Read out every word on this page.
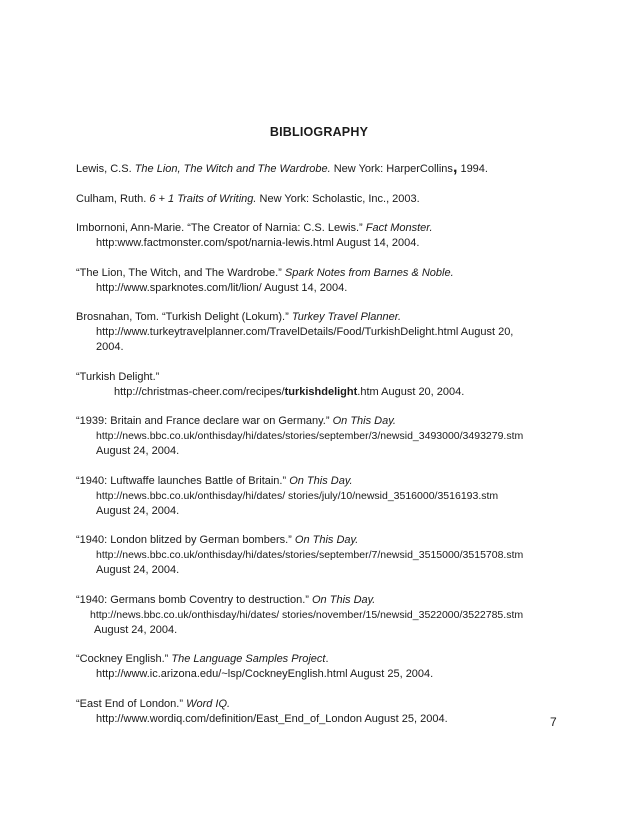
BIBLIOGRAPHY
Lewis, C.S. The Lion, The Witch and The Wardrobe. New York: HarperCollins, 1994.
Culham, Ruth. 6 + 1 Traits of Writing. New York: Scholastic, Inc., 2003.
Imbornoni, Ann-Marie. “The Creator of Narnia: C.S. Lewis.” Fact Monster.
http:www.factmonster.com/spot/narnia-lewis.html August 14, 2004.
“The Lion, The Witch, and The Wardrobe.” Spark Notes from Barnes & Noble.
http://www.sparknotes.com/lit/lion/ August 14, 2004.
Brosnahan, Tom. “Turkish Delight (Lokum).” Turkey Travel Planner.
http://www.turkeytravelplanner.com/TravelDetails/Food/TurkishDelight.html August 20,
2004.
“Turkish Delight.”
http://christmas-cheer.com/recipes/turkishdelight.htm August 20, 2004.
“1939: Britain and France declare war on Germany.” On This Day.
http://news.bbc.co.uk/onthisday/hi/dates/stories/september/3/newsid_3493000/3493279.stm
August 24, 2004.
“1940: Luftwaffe launches Battle of Britain.” On This Day.
http://news.bbc.co.uk/onthisday/hi/dates/ stories/july/10/newsid_3516000/3516193.stm
August 24, 2004.
“1940: London blitzed by German bombers.” On This Day.
http://news.bbc.co.uk/onthisday/hi/dates/stories/september/7/newsid_3515000/3515708.stm
August 24, 2004.
“1940: Germans bomb Coventry to destruction.” On This Day.
http://news.bbc.co.uk/onthisday/hi/dates/ stories/november/15/newsid_3522000/3522785.stm
August 24, 2004.
“Cockney English.” The Language Samples Project.
http://www.ic.arizona.edu/~lsp/CockneyEnglish.html August 25, 2004.
“East End of London.” Word IQ.
http://www.wordiq.com/definition/East_End_of_London August 25, 2004.	7
